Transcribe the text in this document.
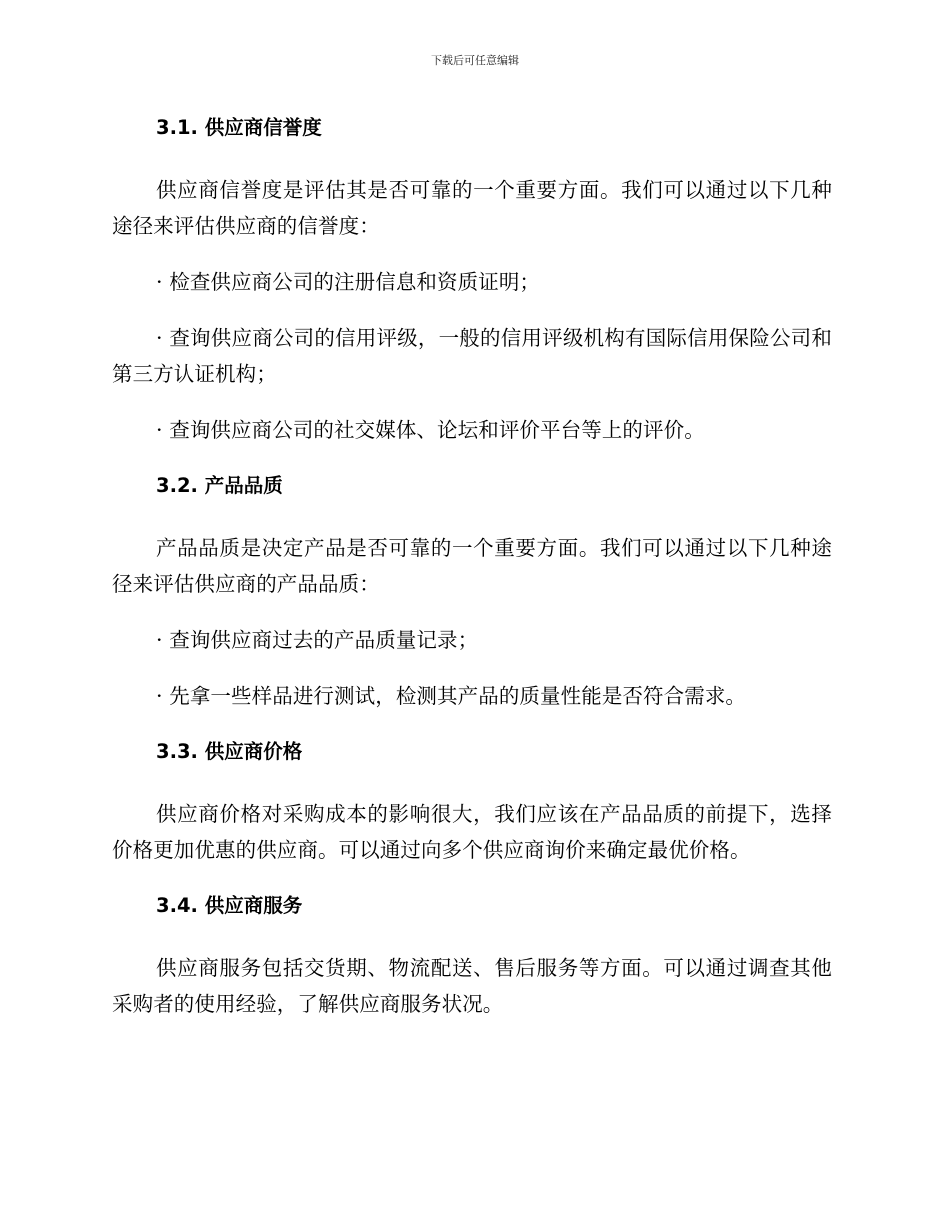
下载后可任意编辑
3.1. 供应商信誉度

供应商信誉度是评估其是否可靠的一个重要方面。我们可以通过以下几种途径来评估供应商的信誉度：

· 检查供应商公司的注册信息和资质证明；

· 查询供应商公司的信用评级，一般的信用评级机构有国际信用保险公司和第三方认证机构；

· 查询供应商公司的社交媒体、论坛和评价平台等上的评价。

3.2. 产品品质

产品品质是决定产品是否可靠的一个重要方面。我们可以通过以下几种途径来评估供应商的产品品质：

· 查询供应商过去的产品质量记录；

· 先拿一些样品进行测试，检测其产品的质量性能是否符合需求。

3.3. 供应商价格

供应商价格对采购成本的影响很大，我们应该在产品品质的前提下，选择价格更加优惠的供应商。可以通过向多个供应商询价来确定最优价格。

3.4. 供应商服务

供应商服务包括交货期、物流配送、售后服务等方面。可以通过调查其他采购者的使用经验，了解供应商服务状况。
